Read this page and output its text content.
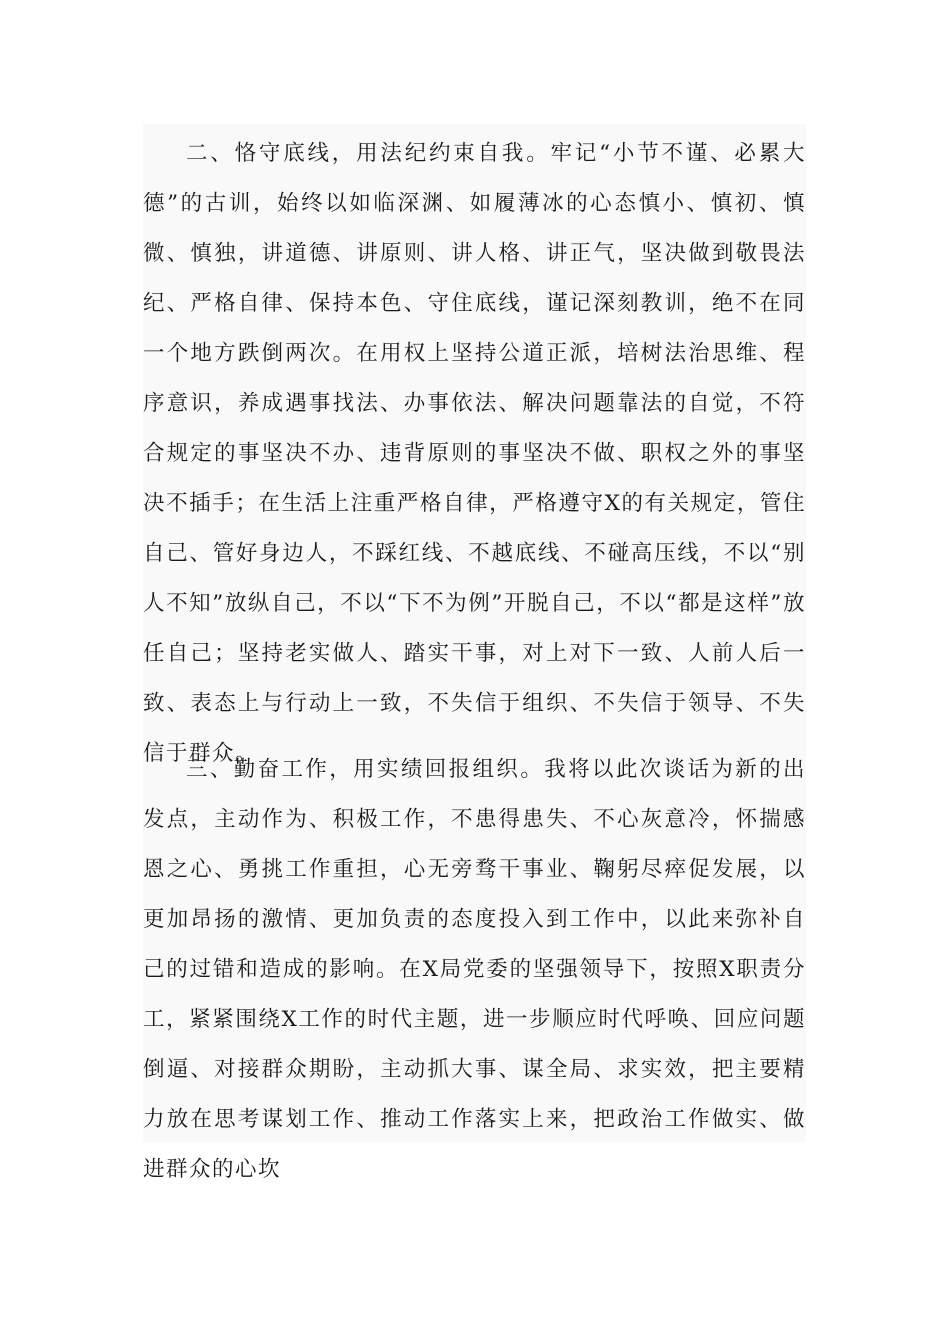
二、恪守底线，用法纪约束自我。牢记“小节不谨、必累大德”的古训，始终以如临深渊、如履薄冰的心态慎小、慎初、慎微、慎独，讲道德、讲原则、讲人格、讲正气，坚决做到敬畏法纪、严格自律、保持本色、守住底线，谨记深刻教训，绝不在同一个地方跌倒两次。在用权上坚持公道正派，培树法治思维、程序意识，养成遇事找法、办事依法、解决问题靠法的自觉，不符合规定的事坚决不办、违背原则的事坚决不做、职权之外的事坚决不插手；在生活上注重严格自律，严格遵守X的有关规定，管住自己、管好身边人，不踩红线、不越底线、不碰高压线，不以“别人不知”放纵自己，不以“下不为例”开脱自己，不以“都是这样”放任自己；坚持老实做人、踏实干事，对上对下一致、人前人后一致、表态上与行动上一致，不失信于组织、不失信于领导、不失信于群众。

三、勤奋工作，用实绩回报组织。我将以此次谈话为新的出发点，主动作为、积极工作，不患得患失、不心灰意冷，怀揣感恩之心、勇挑工作重担，心无旁骛干事业、鞠躬尽瘁促发展，以更加昂扬的激情、更加负责的态度投入到工作中，以此来弥补自己的过错和造成的影响。在X局党委的坚强领导下，按照X职责分工，紧紧围绕X工作的时代主题，进一步顺应时代呼唤、回应问题倒逼、对接群众期盼，主动抓大事、谋全局、求实效，把主要精力放在思考谋划工作、推动工作落实上来，把政治工作做实、做进群众的心坎
